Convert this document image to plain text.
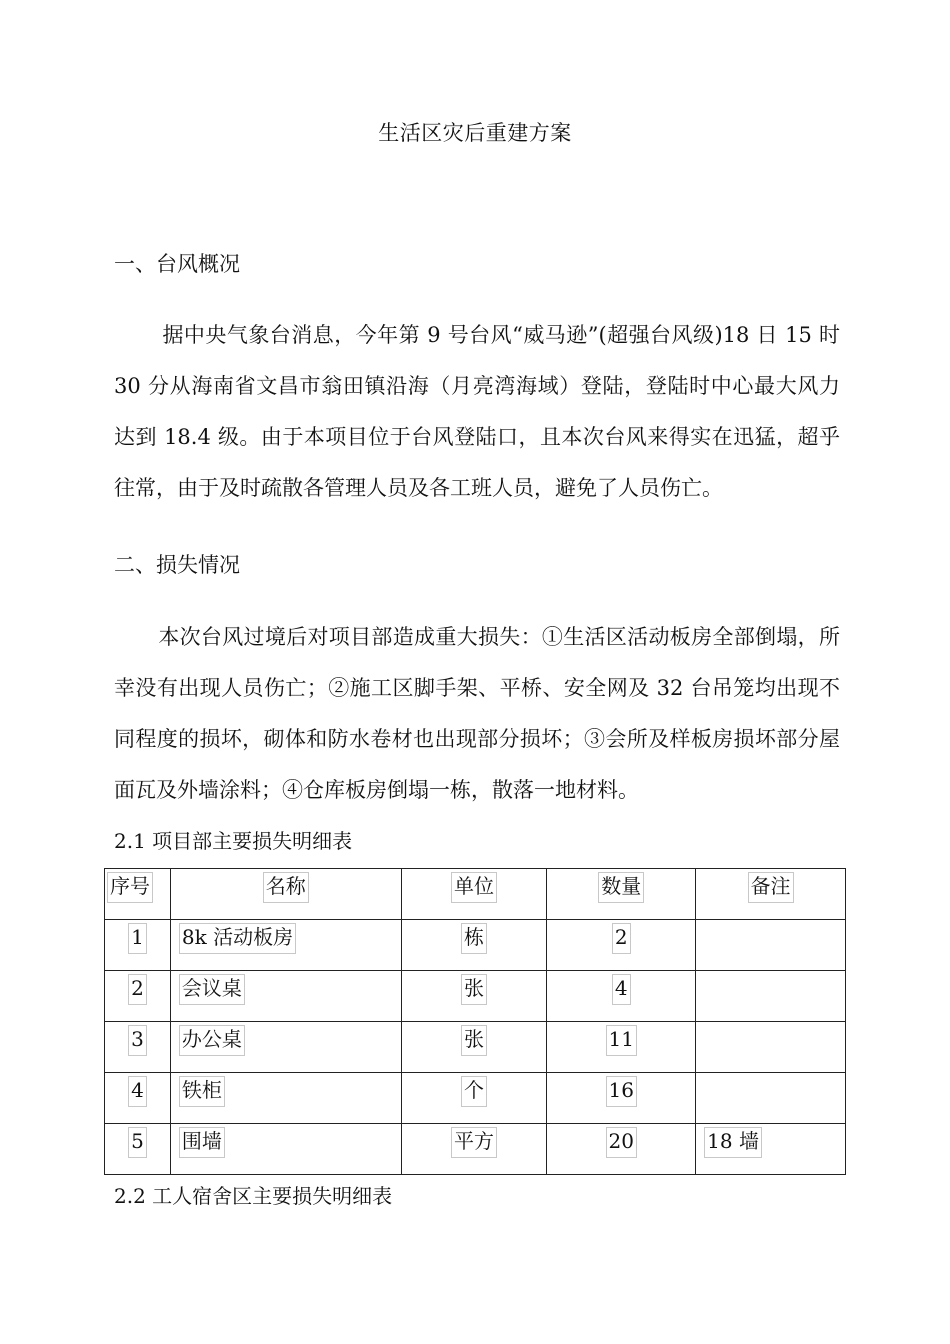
生活区灾后重建方案
一、台风概况

据中央气象台消息，今年第 9 号台风“威马逊”(超强台风级)18 日 15 时 30 分从海南省文昌市翁田镇沿海（月亮湾海域）登陆，登陆时中心最大风力达到 18.4 级。由于本项目位于台风登陆口，且本次台风来得实在迅猛，超乎往常，由于及时疏散各管理人员及各工班人员，避免了人员伤亡。

二、损失情况

本次台风过境后对项目部造成重大损失：①生活区活动板房全部倒塌，所幸没有出现人员伤亡；②施工区脚手架、平桥、安全网及 32 台吊笼均出现不同程度的损坏，砌体和防水卷材也出现部分损坏；③会所及样板房损坏部分屋面瓦及外墙涂料；④仓库板房倒塌一栋，散落一地材料。

2.1 项目部主要损失明细表
序号	名称	单位	数量	备注
1	8k 活动板房	栋	2	
2	会议桌	张	4	
3	办公桌	张	11	
4	铁柜	个	16	
5	围墙	平方	20	18 墙
2.2 工人宿舍区主要损失明细表
